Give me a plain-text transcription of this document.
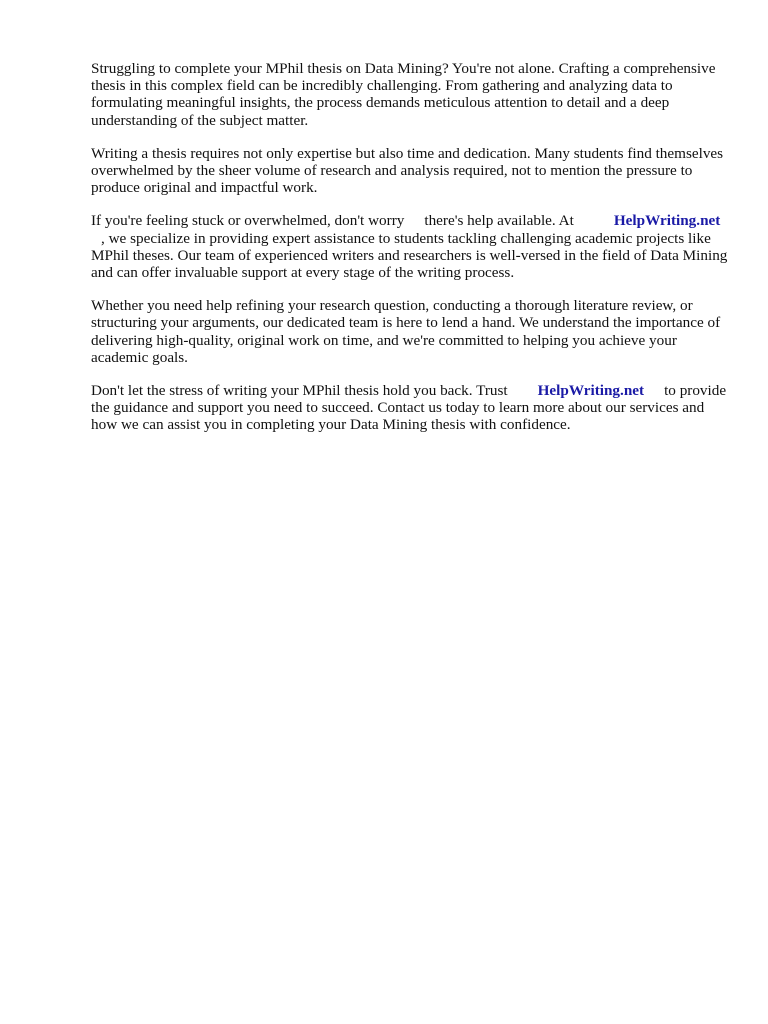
Struggling to complete your MPhil thesis on Data Mining? You're not alone. Crafting a comprehensive thesis in this complex field can be incredibly challenging. From gathering and analyzing data to formulating meaningful insights, the process demands meticulous attention to detail and a deep understanding of the subject matter.

Writing a thesis requires not only expertise but also time and dedication. Many students find themselves overwhelmed by the sheer volume of research and analysis required, not to mention the pressure to produce original and impactful work.

If you're feeling stuck or overwhelmed, don't worry there's help available. At	HelpWriting.net
, we specialize in providing expert assistance to students tackling challenging academic projects like MPhil theses. Our team of experienced writers and researchers is well-versed in the field of Data Mining and can offer invaluable support at every stage of the writing process.

Whether you need help refining your research question, conducting a thorough literature review, or structuring your arguments, our dedicated team is here to lend a hand. We understand the importance of delivering high-quality, original work on time, and we're committed to helping you achieve your academic goals.

Don't let the stress of writing your MPhil thesis hold you back. Trust HelpWriting.net to provide the guidance and support you need to succeed. Contact us today to learn more about our services and how we can assist you in completing your Data Mining thesis with confidence.
